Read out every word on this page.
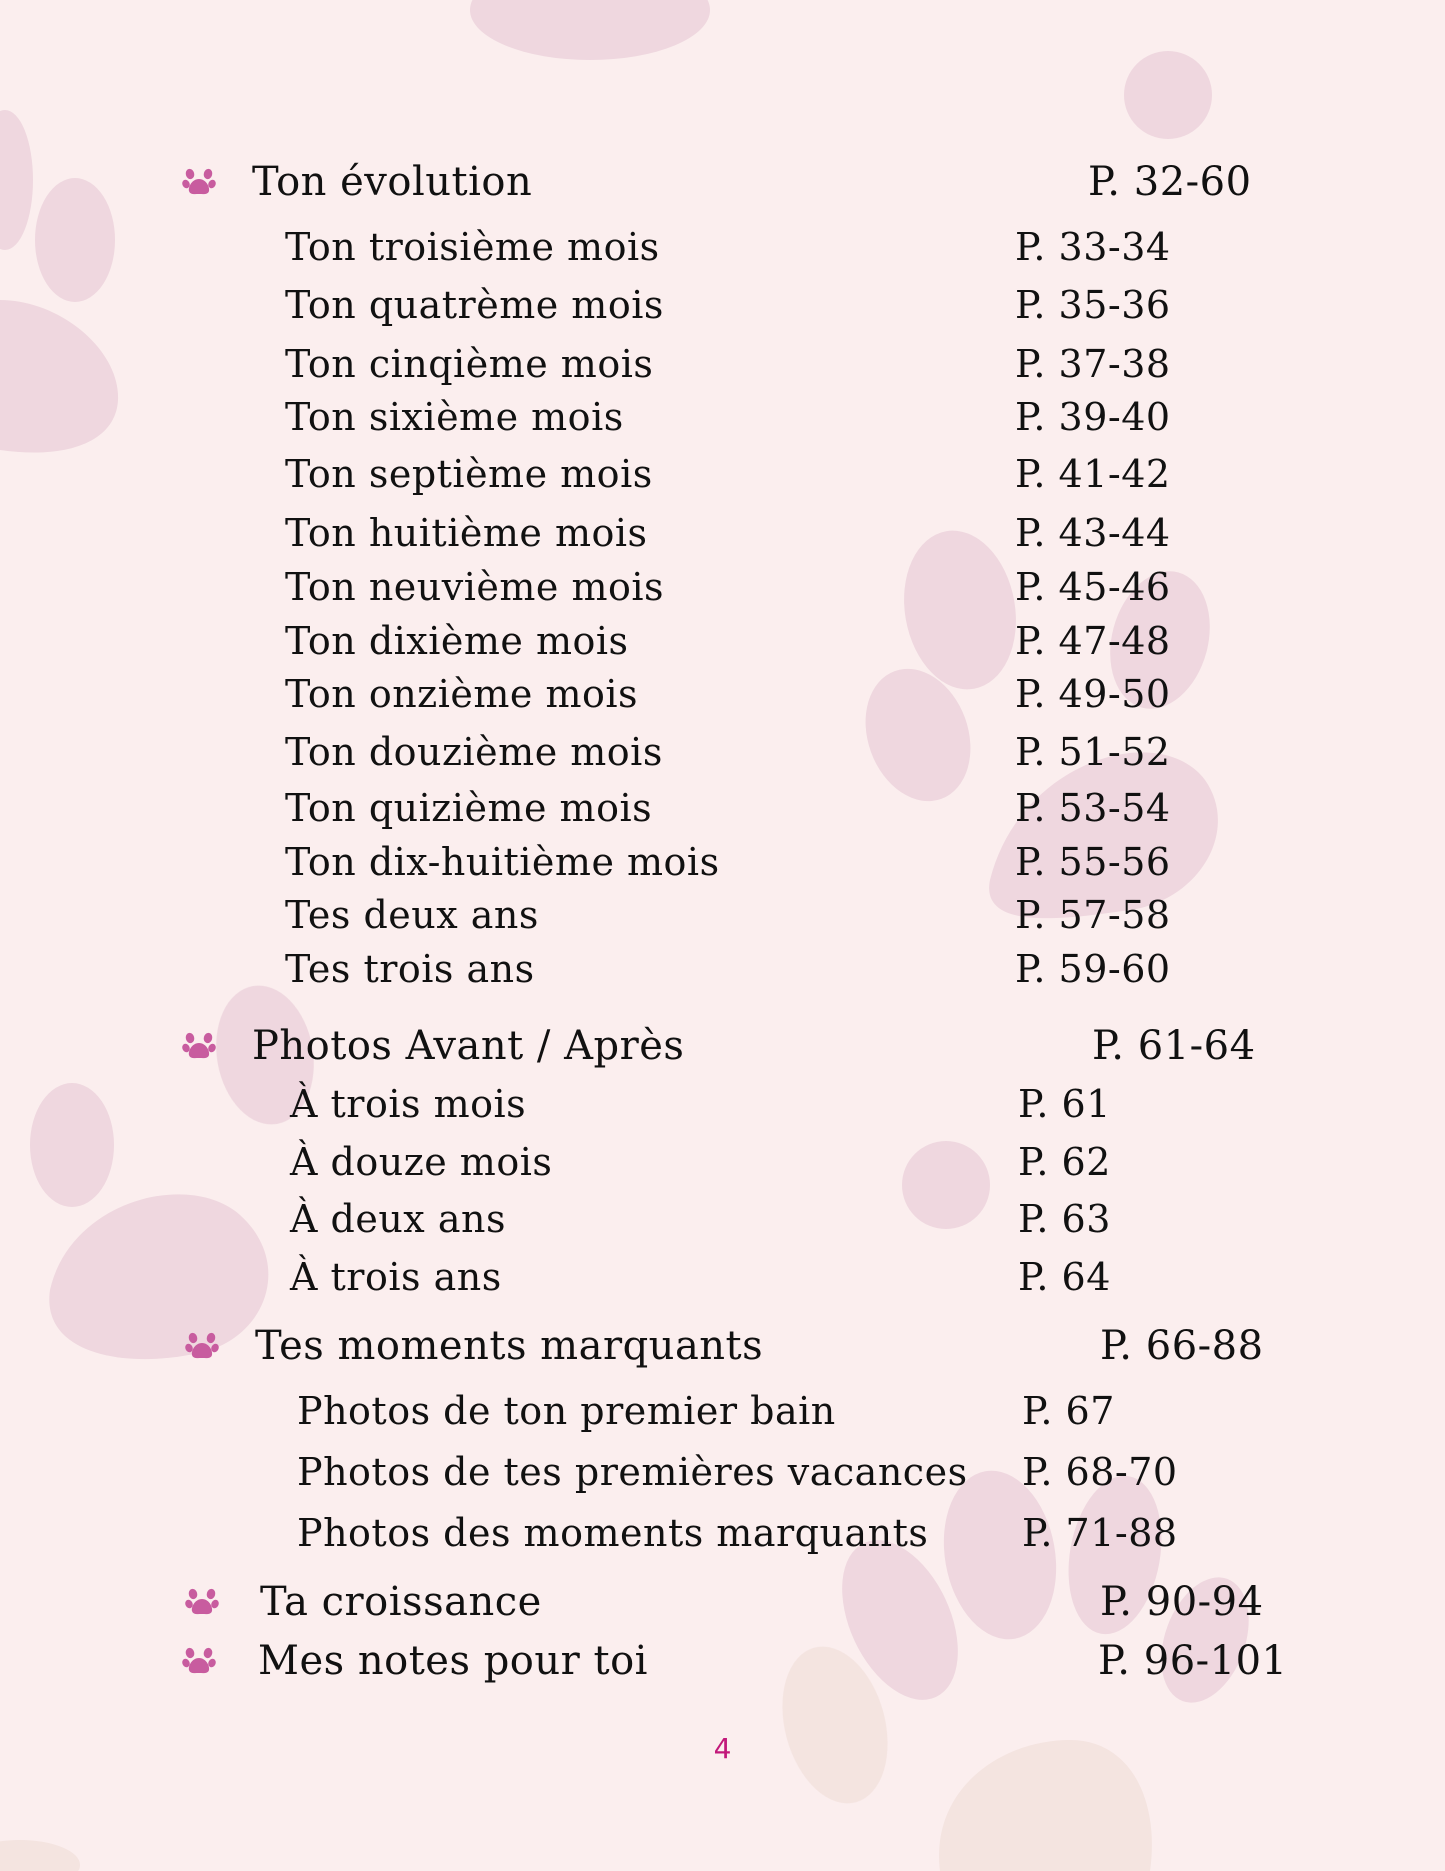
Ton évolution	P. 32-60
Ton troisième mois	P. 33-34
Ton quatrème mois	P. 35-36
Ton cinqième mois	P. 37-38
Ton sixième mois	P. 39-40
Ton septième mois	P. 41-42
Ton huitième mois	P. 43-44
Ton neuvième mois	P. 45-46
Ton dixième mois	P. 47-48
Ton onzième mois	P. 49-50
Ton douzième mois	P. 51-52
Ton quizième mois	P. 53-54
Ton dix-huitième mois	P. 55-56
Tes deux ans	P. 57-58
Tes trois ans	P. 59-60
Photos Avant / Après	P. 61-64
À trois mois	P. 61
À douze mois	P. 62
À deux ans	P. 63
À trois ans	P. 64
Tes moments marquants	P. 66-88
Photos de ton premier bain	P. 67
Photos de tes premières vacances P. 68-70
Photos des moments marquants P. 71-88
Ta croissance	P. 90-94
Mes notes pour toi	P. 96-101
4
